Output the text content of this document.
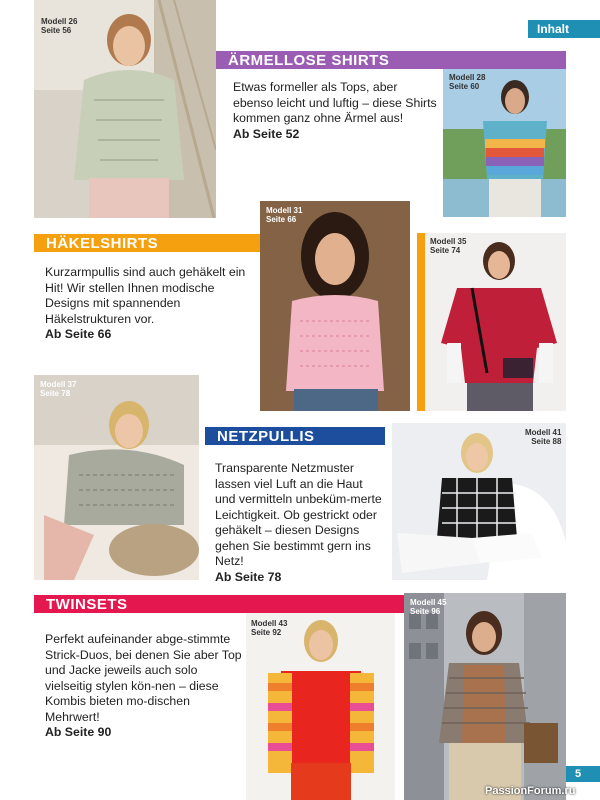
Inhalt
Modell 26
Seite 56
ÄRMELLOSE SHIRTS
Etwas formeller als Tops, aber ebenso leicht und luftig – diese Shirts kommen ganz ohne Ärmel aus!
Ab Seite 52
Modell 28
Seite 60
Modell 31
Seite 66
HÄKELSHIRTS
Kurzarmpullis sind auch gehäkelt ein Hit! Wir stellen Ihnen modische Designs mit spannenden Häkelstrukturen vor.
Ab Seite 66
Modell 35
Seite 74
Modell 37
Seite 78
NETZPULLIS
Transparente Netzmuster lassen viel Luft an die Haut und vermitteln unbeküm-merte Leichtigkeit. Ob gestrickt oder gehäkelt – diesen Designs gehen Sie bestimmt gern ins Netz!
Ab Seite 78
Modell 41
Seite 88
TWINSETS
Perfekt aufeinander abge-stimmte Strick-Duos, bei denen Sie aber Top und Jacke jeweils auch solo vielseitig stylen kön-nen – diese Kombis bieten mo-dischen Mehrwert!
Ab Seite 90
Modell 43
Seite 92
Modell 45
Seite 96
5
PassionForum.ru
